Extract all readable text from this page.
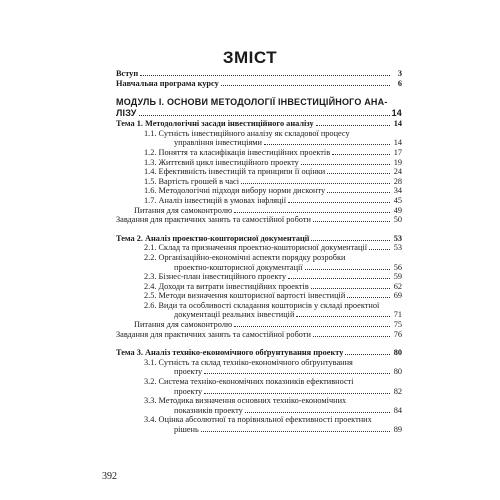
ЗМІСТ
Вступ	3
Навчальна програма курсу	6
МОДУЛЬ І. ОСНОВИ МЕТОДОЛОГІЇ ІНВЕСТИЦІЙНОГО АНА-
ЛІЗУ	14
Тема 1. Методологічні засади інвестиційного аналізу	14
1.1. Сутність інвестиційного аналізу як складової процесу
управління інвестиціями	14
1.2. Поняття та класифікація інвестиційних проектів	17
1.3. Життєвий цикл інвестиційного проекту	19
1.4. Ефективність інвестицій та принципи її оцінки	24
1.5. Вартість грошей в часі	28
1.6. Методологічні підходи вибору норми дисконту	34
1.7. Аналіз інвестицій в умовах інфляції	45
Питання для самоконтролю	49
Завдання для практичних занять та самостійної роботи	50
Тема 2. Аналіз проектно-кошторисної документації	53
2.1. Склад та призначення проектно-кошторисної документації	53
2.2. Організаційно-економічні аспекти порядку розробки
проектно-кошторисної документації	56
2.3. Бізнес-план інвестиційного проекту	59
2.4. Доходи та витрати інвестиційних проектів	62
2.5. Методи визначення кошторисної вартості інвестицій	69
2.6. Види та особливості складання кошторисів у складі проектної
документації реальних інвестицій	71
Питання для самоконтролю	75
Завдання для практичних занять та самостійної роботи	76
Тема 3. Аналіз техніко-економічного обґрунтування проекту	80
3.1. Сутність та склад техніко-економічного обґрунтування
проекту	80
3.2. Система техніко-економічних показників ефективності
проекту	82
3.3. Методика визначення основних техніко-економічних
показників проекту	84
3.4. Оцінка абсолютної та порівняльної ефективності проектних
рішень	89
392
